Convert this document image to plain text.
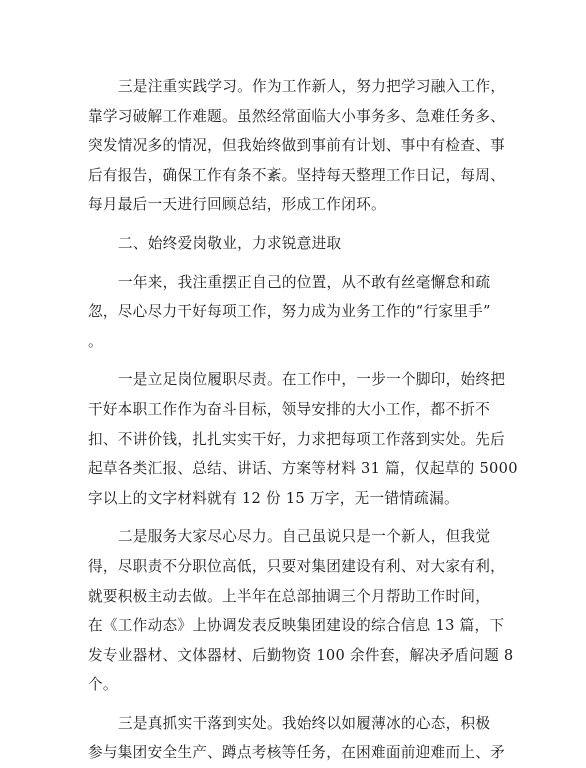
三是注重实践学习。作为工作新人，努力把学习融入工作，
靠学习破解工作难题。虽然经常面临大小事务多、急难任务多、
突发情况多的情况，但我始终做到事前有计划、事中有检查、事
后有报告，确保工作有条不紊。坚持每天整理工作日记，每周、
每月最后一天进行回顾总结，形成工作闭环。
二、始终爱岗敬业，力求锐意进取
一年来，我注重摆正自己的位置，从不敢有丝毫懈怠和疏
忽，尽心尽力干好每项工作，努力成为业务工作的“行家里手”
。
一是立足岗位履职尽责。在工作中，一步一个脚印，始终把
干好本职工作作为奋斗目标，领导安排的大小工作，都不折不
扣、不讲价钱，扎扎实实干好，力求把每项工作落到实处。先后
起草各类汇报、总结、讲话、方案等材料 31 篇，仅起草的 5000
字以上的文字材料就有 12 份 15 万字，无一错情疏漏。
二是服务大家尽心尽力。自己虽说只是一个新人，但我觉
得，尽职责不分职位高低，只要对集团建设有利、对大家有利，
就要积极主动去做。上半年在总部抽调三个月帮助工作时间，
在《工作动态》上协调发表反映集团建设的综合信息 13 篇，下
发专业器材、文体器材、后勤物资 100 余件套，解决矛盾问题 8
个。
三是真抓实干落到实处。我始终以如履薄冰的心态，积极
参与集团安全生产、蹲点考核等任务，在困难面前迎难而上、矛
